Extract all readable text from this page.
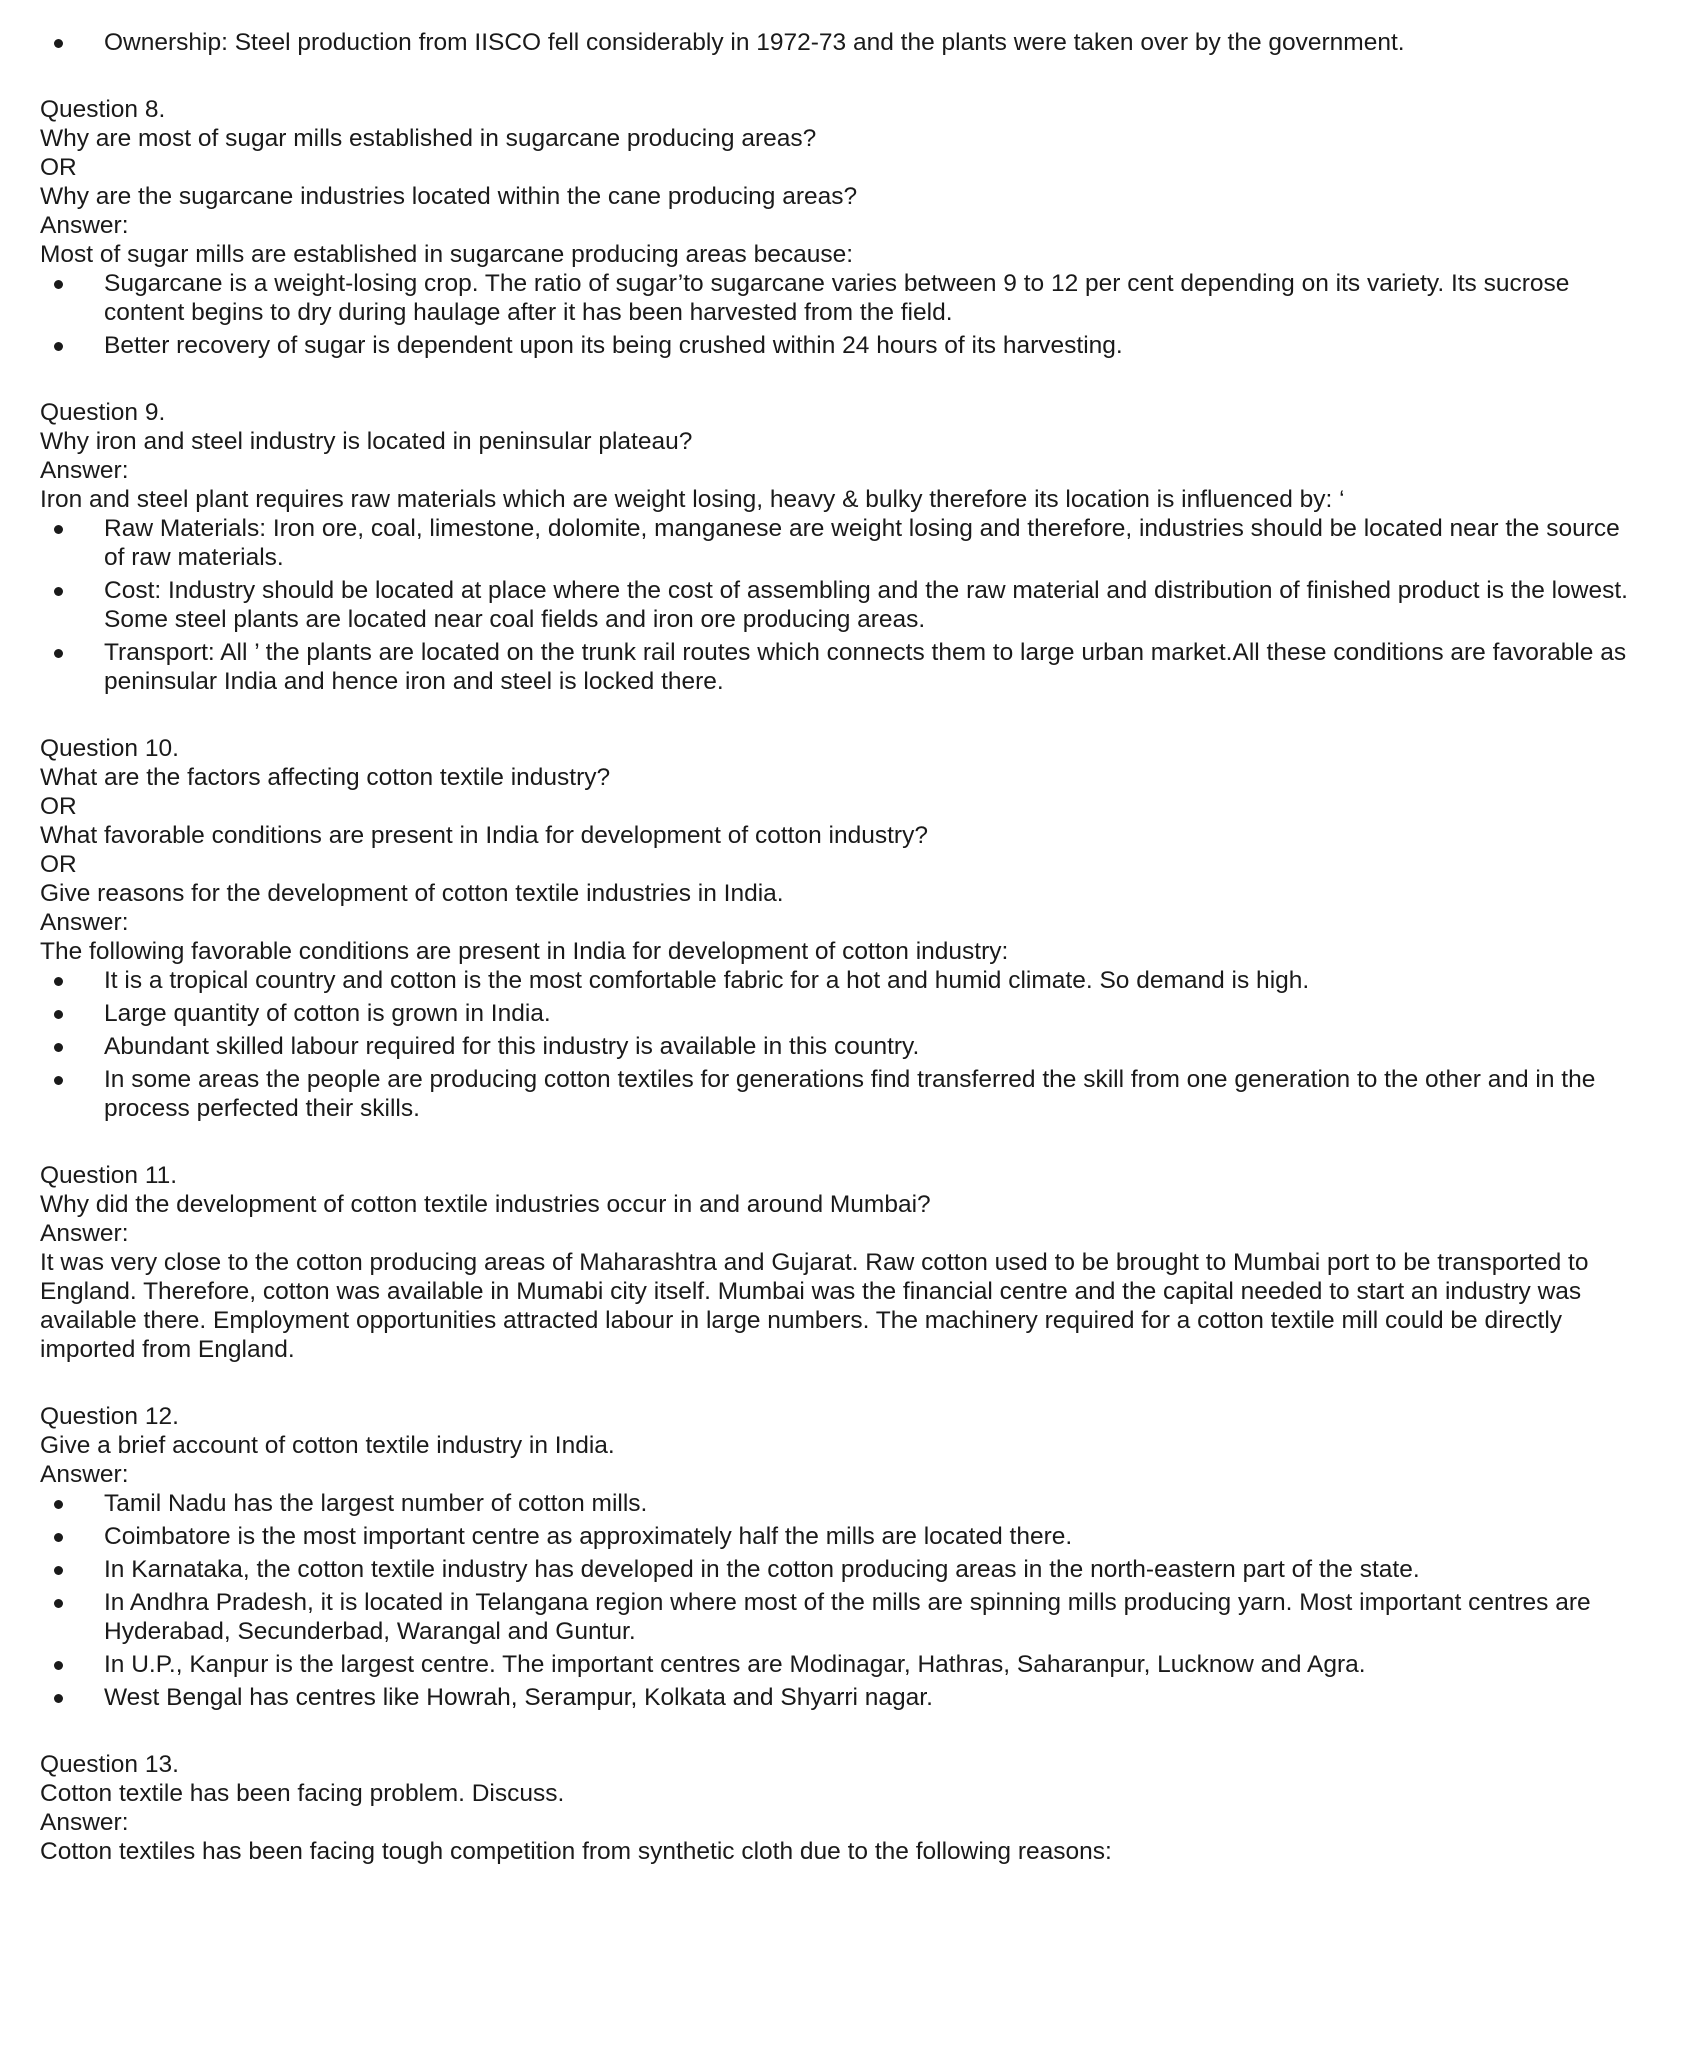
Ownership: Steel production from IISCO fell considerably in 1972-73 and the plants were taken over by the government.
Question 8.
Why are most of sugar mills established in sugarcane producing areas?
OR
Why are the sugarcane industries located within the cane producing areas?
Answer:
Most of sugar mills are established in sugarcane producing areas because:
Sugarcane is a weight-losing crop. The ratio of sugar’to sugarcane varies between 9 to 12 per cent depending on its variety. Its sucrose content begins to dry during haulage after it has been harvested from the field.
Better recovery of sugar is dependent upon its being crushed within 24 hours of its harvesting.
Question 9.
Why iron and steel industry is located in peninsular plateau?
Answer:
Iron and steel plant requires raw materials which are weight losing, heavy & bulky therefore its location is influenced by: ‘
Raw Materials: Iron ore, coal, limestone, dolomite, manganese are weight losing and therefore, industries should be located near the source of raw materials.
Cost: Industry should be located at place where the cost of assembling and the raw material and distribution of finished product is the lowest. Some steel plants are located near coal fields and iron ore producing areas.
Transport: All ’ the plants are located on the trunk rail routes which connects them to large urban market.All these conditions are favorable as peninsular India and hence iron and steel is locked there.
Question 10.
What are the factors affecting cotton textile industry?
OR
What favorable conditions are present in India for development of cotton industry?
OR
Give reasons for the development of cotton textile industries in India.
Answer:
The following favorable conditions are present in India for development of cotton industry:
It is a tropical country and cotton is the most comfortable fabric for a hot and humid climate. So demand is high.
Large quantity of cotton is grown in India.
Abundant skilled labour required for this industry is available in this country.
In some areas the people are producing cotton textiles for generations find transferred the skill from one generation to the other and in the process perfected their skills.
Question 11.
Why did the development of cotton textile industries occur in and around Mumbai?
Answer:
It was very close to the cotton producing areas of Maharashtra and Gujarat. Raw cotton used to be brought to Mumbai port to be transported to
England. Therefore, cotton was available in Mumabi city itself. Mumbai was the financial centre and the capital needed to start an industry was
available there. Employment opportunities attracted labour in large numbers. The machinery required for a cotton textile mill could be directly
imported from England.
Question 12.
Give a brief account of cotton textile industry in India.
Answer:
Tamil Nadu has the largest number of cotton mills.
Coimbatore is the most important centre as approximately half the mills are located there.
In Karnataka, the cotton textile industry has developed in the cotton producing areas in the north-eastern part of the state.
In Andhra Pradesh, it is located in Telangana region where most of the mills are spinning mills producing yarn. Most important centres are Hyderabad, Secunderbad, Warangal and Guntur.
In U.P., Kanpur is the largest centre. The important centres are Modinagar, Hathras, Saharanpur, Lucknow and Agra.
West Bengal has centres like Howrah, Serampur, Kolkata and Shyarri nagar.
Question 13.
Cotton textile has been facing problem. Discuss.
Answer:
Cotton textiles has been facing tough competition from synthetic cloth due to the following reasons:
